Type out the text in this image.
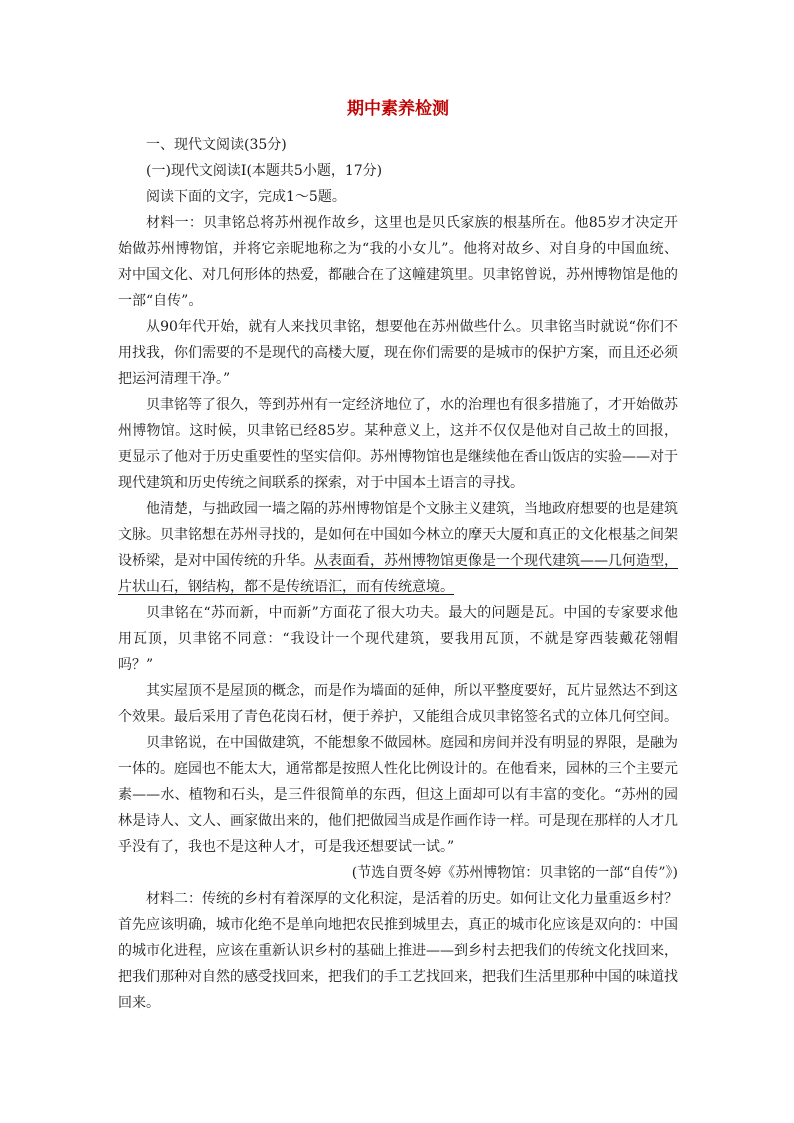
期中素养检测

一、现代文阅读(35分)

(一)现代文阅读Ⅰ(本题共5小题，17分)

阅读下面的文字，完成1～5题。

材料一：贝聿铭总将苏州视作故乡，这里也是贝氏家族的根基所在。他85岁才决定开始做苏州博物馆，并将它亲昵地称之为“我的小女儿”。他将对故乡、对自身的中国血统、对中国文化、对几何形体的热爱，都融合在了这幢建筑里。贝聿铭曾说，苏州博物馆是他的一部“自传”。

从90年代开始，就有人来找贝聿铭，想要他在苏州做些什么。贝聿铭当时就说“你们不用找我，你们需要的不是现代的高楼大厦，现在你们需要的是城市的保护方案，而且还必须把运河清理干净。”

贝聿铭等了很久，等到苏州有一定经济地位了，水的治理也有很多措施了，才开始做苏州博物馆。这时候，贝聿铭已经85岁。某种意义上，这并不仅仅是他对自己故土的回报，更显示了他对于历史重要性的坚实信仰。苏州博物馆也是继续他在香山饭店的实验——对于现代建筑和历史传统之间联系的探索，对于中国本土语言的寻找。

他清楚，与拙政园一墙之隔的苏州博物馆是个文脉主义建筑，当地政府想要的也是建筑文脉。贝聿铭想在苏州寻找的，是如何在中国如今林立的摩天大厦和真正的文化根基之间架设桥梁，是对中国传统的升华。从表面看，苏州博物馆更像是一个现代建筑——几何造型，片状山石，钢结构，都不是传统语汇，而有传统意境。

贝聿铭在“苏而新，中而新”方面花了很大功夫。最大的问题是瓦。中国的专家要求他用瓦顶，贝聿铭不同意：“我设计一个现代建筑，要我用瓦顶，不就是穿西装戴花翎帽吗？”

其实屋顶不是屋顶的概念，而是作为墙面的延伸，所以平整度要好，瓦片显然达不到这个效果。最后采用了青色花岗石材，便于养护，又能组合成贝聿铭签名式的立体几何空间。

贝聿铭说，在中国做建筑，不能想象不做园林。庭园和房间并没有明显的界限，是融为一体的。庭园也不能太大，通常都是按照人性化比例设计的。在他看来，园林的三个主要元素——水、植物和石头，是三件很简单的东西，但这上面却可以有丰富的变化。“苏州的园林是诗人、文人、画家做出来的，他们把做园当成是作画作诗一样。可是现在那样的人才几乎没有了，我也不是这种人才，可是我还想要试一试。”

(节选自贾冬婷《苏州博物馆：贝聿铭的一部“自传”》)

材料二：传统的乡村有着深厚的文化积淀，是活着的历史。如何让文化力量重返乡村？首先应该明确，城市化绝不是单向地把农民推到城里去，真正的城市化应该是双向的：中国的城市化进程，应该在重新认识乡村的基础上推进——到乡村去把我们的传统文化找回来，把我们那种对自然的感受找回来，把我们的手工艺找回来，把我们生活里那种中国的味道找回来。
